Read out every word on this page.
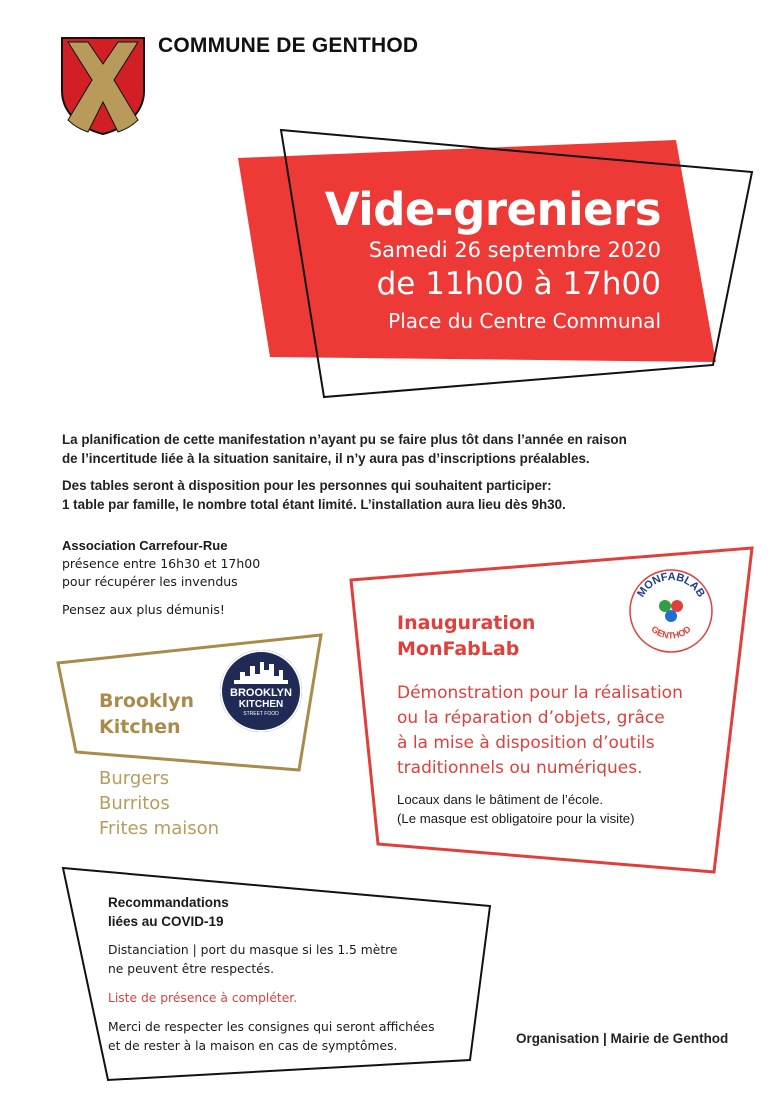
COMMUNE DE GENTHOD
Vide-greniers
Samedi 26 septembre 2020
de 11h00 à 17h00
Place du Centre Communal

La planification de cette manifestation n’ayant pu se faire plus tôt dans l’année en raison
de l’incertitude liée à la situation sanitaire, il n’y aura pas d’inscriptions préalables.

Des tables seront à disposition pour les personnes qui souhaitent participer:
1 table par famille, le nombre total étant limité. L’installation aura lieu dès 9h30.

Association Carrefour-Rue
présence entre 16h30 et 17h00
pour récupérer les invendus
Pensez aux plus démunis!
Brooklyn
Kitchen
BROOKLYN
KITCHEN
STREET FOOD
Burgers
Burritos
Frites maison
Inauguration
MonFabLab
MONFABLAB
GENTHOD
Démonstration pour la réalisation
ou la réparation d’objets, grâce
à la mise à disposition d’outils
traditionnels ou numériques.
Locaux dans le bâtiment de l’école.
(Le masque est obligatoire pour la visite)
Recommandations
liées au COVID-19

Distanciation | port du masque si les 1.5 mètre
ne peuvent être respectés.

Liste de présence à compléter.

Merci de respecter les consignes qui seront affichées
et de rester à la maison en cas de symptômes.	Organisation | Mairie de Genthod
